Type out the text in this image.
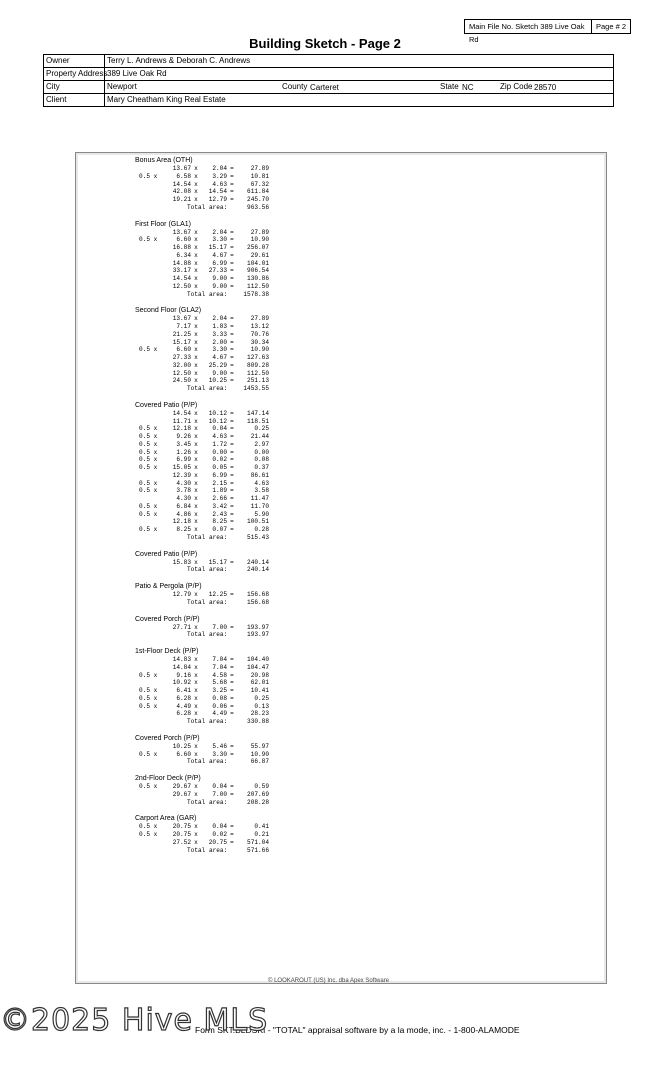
Main File No. Sketch 389 Live Oak Rd
Page # 2
Building Sketch - Page 2
Owner	Terry L. Andrews & Deborah C. Andrews
Property Address 389 Live Oak Rd
City	Newport	County Carteret	State NC	Zip Code 28570
Client	Mary Cheatham King Real Estate
Bonus Area (OTH)
13.67 x 2.04 =	27.89
0.5 x	6.58 x 3.29 =	10.81
14.54 x 4.63 =	67.32
42.08 x 14.54 = 611.84
19.21 x 12.79 = 245.70
Total area:	963.56
First Floor (GLA1)
13.67 x 2.04 =	27.89
0.5 x	6.60 x 3.30 =	10.90
16.88 x 15.17 = 256.07
6.34 x 4.67 =	29.61
14.88 x 6.99 = 104.01
33.17 x 27.33 = 906.54
14.54 x 9.00 = 130.86
12.50 x 9.00 = 112.50
Total area:	1578.38
Second Floor (GLA2)
13.67 x 2.04 =	27.89
7.17 x 1.83 =	13.12
21.25 x 3.33 =	70.76
15.17 x 2.00 =	30.34
0.5 x	6.60 x 3.30 =	10.90
27.33 x 4.67 = 127.63
32.00 x 25.29 = 809.28
12.50 x 9.00 = 112.50
24.50 x 10.25 = 251.13
Total area:	1453.55
Covered Patio (P/P)
14.54 x 10.12 = 147.14
11.71 x 10.12 = 118.51
0.5 x	12.18 x 0.04 =	0.25
0.5 x	9.26 x 4.63 =	21.44
0.5 x	3.45 x 1.72 =	2.97
0.5 x	1.26 x 0.00 =	0.00
0.5 x	6.99 x 0.02 =	0.08
0.5 x	15.05 x 0.05 =	0.37
12.39 x 6.99 =	86.61
0.5 x	4.30 x 2.15 =	4.63
0.5 x	3.78 x 1.89 =	3.58
4.30 x 2.66 =	11.47
0.5 x	6.84 x 3.42 =	11.70
0.5 x	4.86 x 2.43 =	5.90
12.18 x 8.25 = 100.51
0.5 x	8.25 x 0.07 =	0.28
Total area:	515.43
Covered Patio (P/P)
15.83 x 15.17 = 240.14
Total area:	240.14
Patio & Pergola (P/P)
12.79 x 12.25 = 156.68
Total area:	156.68
Covered Porch (P/P)
27.71 x 7.00 = 193.97
Total area:	193.97
1st-Floor Deck (P/P)
14.83 x 7.04 = 104.40
14.84 x 7.04 = 104.47
0.5 x	9.16 x 4.58 =	20.98
10.92 x 5.68 =	62.01
0.5 x	6.41 x 3.25 =	10.41
0.5 x	6.28 x 0.08 =	0.25
0.5 x	4.49 x 0.06 =	0.13
6.28 x 4.49 =	28.23
Total area:	330.88
Covered Porch (P/P)
10.25 x 5.46 =	55.97
0.5 x	6.60 x 3.30 =	10.90
Total area:	66.87
2nd-Floor Deck (P/P)
0.5 x	29.67 x 0.04 =	0.59
29.67 x 7.00 = 207.69
Total area:	208.28
Carport Area (GAR)
0.5 x	20.75 x 0.04 =	0.41
0.5 x	20.75 x 0.02 =	0.21
27.52 x 20.75 = 571.04
Total area:	571.66
© LOOKAROUT (US) Inc. dba Apex Software
Form SKT.BLDSKI - "TOTAL" appraisal software by a la mode, inc. - 1-800-ALAMODE
©2025 Hive MLS
